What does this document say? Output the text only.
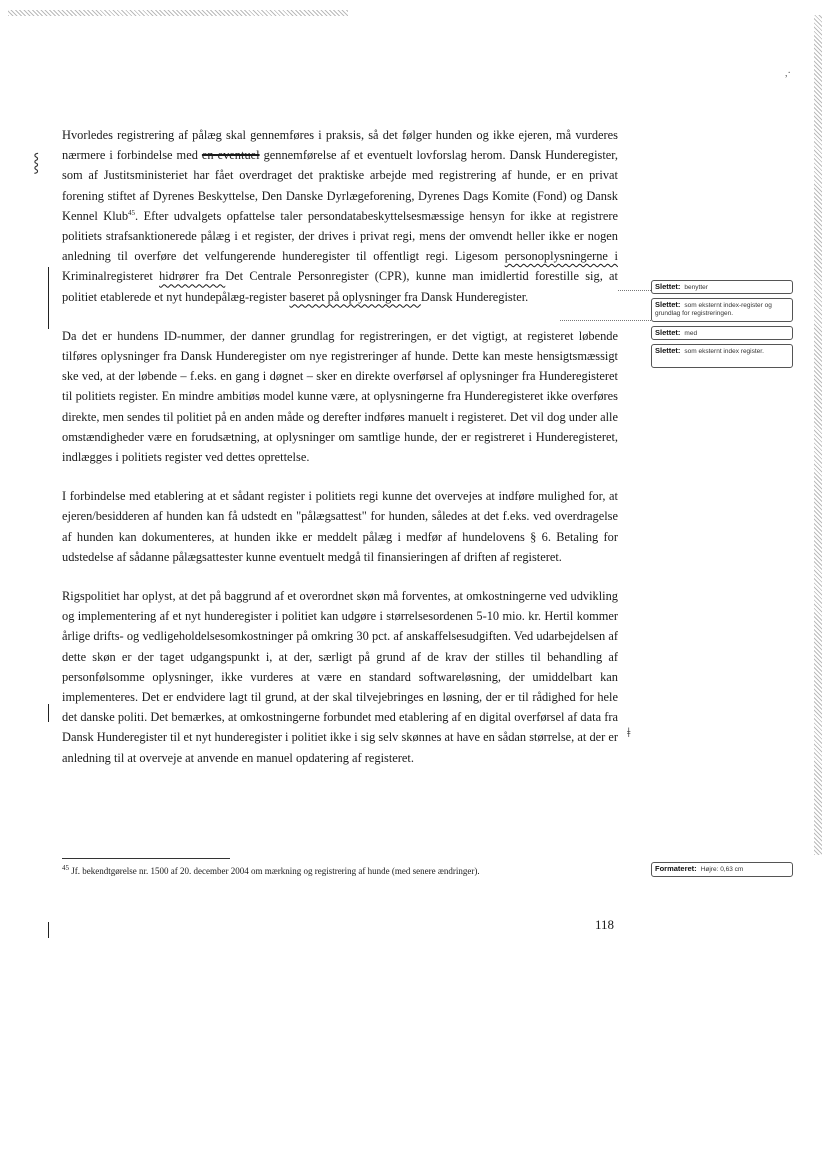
,·
⸾
ǂ

Hvorledes registrering af pålæg skal gennemføres i praksis, så det følger hunden og ikke ejeren, må vurderes nærmere i forbindelse med en eventuel gennemførelse af et eventuelt lovforslag herom. Dansk Hunderegister, som af Justitsministeriet har fået overdraget det praktiske arbejde med registrering af hunde, er en privat forening stiftet af Dyrenes Beskyttelse, Den Danske Dyrlægeforening, Dyrenes Dags Komite (Fond) og Dansk Kennel Klub$^{45}$. Efter udvalgets opfattelse taler persondatabeskyttelsesmæssige hensyn for ikke at registrere politiets strafsanktionerede pålæg i et register, der drives i privat regi, mens der omvendt heller ikke er nogen anledning til overføre det velfungerende hunderegister til offentligt regi. Ligesom personoplysningerne i Kriminalregisteret hidrører fra Det Centrale Personregister (CPR), kunne man imidlertid forestille sig, at politiet etablerede et nyt hundepålæg-register baseret på oplysninger fra Dansk Hunderegister.

Da det er hundens ID-nummer, der danner grundlag for registreringen, er det vigtigt, at registeret løbende tilføres oplysninger fra Dansk Hunderegister om nye registreringer af hunde. Dette kan meste hensigtsmæssigt ske ved, at der løbende – f.eks. en gang i døgnet – sker en direkte overførsel af oplysninger fra Hunderegisteret til politiets register. En mindre ambitiøs model kunne være, at oplysningerne fra Hunderegisteret ikke overføres direkte, men sendes til politiet på en anden måde og derefter indføres manuelt i registeret. Det vil dog under alle omstændigheder være en forudsætning, at oplysninger om samtlige hunde, der er registreret i Hunderegisteret, indlægges i politiets register ved dettes oprettelse.

I forbindelse med etablering at et sådant register i politiets regi kunne det overvejes at indføre mulighed for, at ejeren/besidderen af hunden kan få udstedt en "pålægsattest" for hunden, således at det f.eks. ved overdragelse af hunden kan dokumenteres, at hunden ikke er meddelt pålæg i medfør af hundelovens § 6. Betaling for udstedelse af sådanne pålægsattester kunne eventuelt medgå til finansieringen af driften af registeret.

Rigspolitiet har oplyst, at det på baggrund af et overordnet skøn må forventes, at omkostningerne ved udvikling og implementering af et nyt hunderegister i politiet kan udgøre i størrelsesordenen 5-10 mio. kr. Hertil kommer årlige drifts- og vedligeholdelsesomkostninger på omkring 30 pct. af anskaffelsesudgiften. Ved udarbejdelsen af dette skøn er der taget udgangspunkt i, at der, særligt på grund af de krav der stilles til behandling af personfølsomme oplysninger, ikke vurderes at være en standard softwareløsning, der umiddelbart kan implementeres. Det er endvidere lagt til grund, at der skal tilvejebringes en løsning, der er til rådighed for hele det danske politi. Det bemærkes, at omkostningerne forbundet med etablering af en digital overførsel af data fra Dansk Hunderegister til et nyt hunderegister i politiet ikke i sig selv skønnes at have en sådan størrelse, at der er anledning til at overveje at anvende en manuel opdatering af registeret.

Slettet: benytter
Slettet: som eksternt index-register og grundlag for registreringen.
Slettet: med
Slettet: som eksternt index register.
Formateret: Højre: 0,63 cm
$^{45}$ Jf. bekendtgørelse nr. 1500 af 20. december 2004 om mærkning og registrering af hunde (med senere ændringer).
118
